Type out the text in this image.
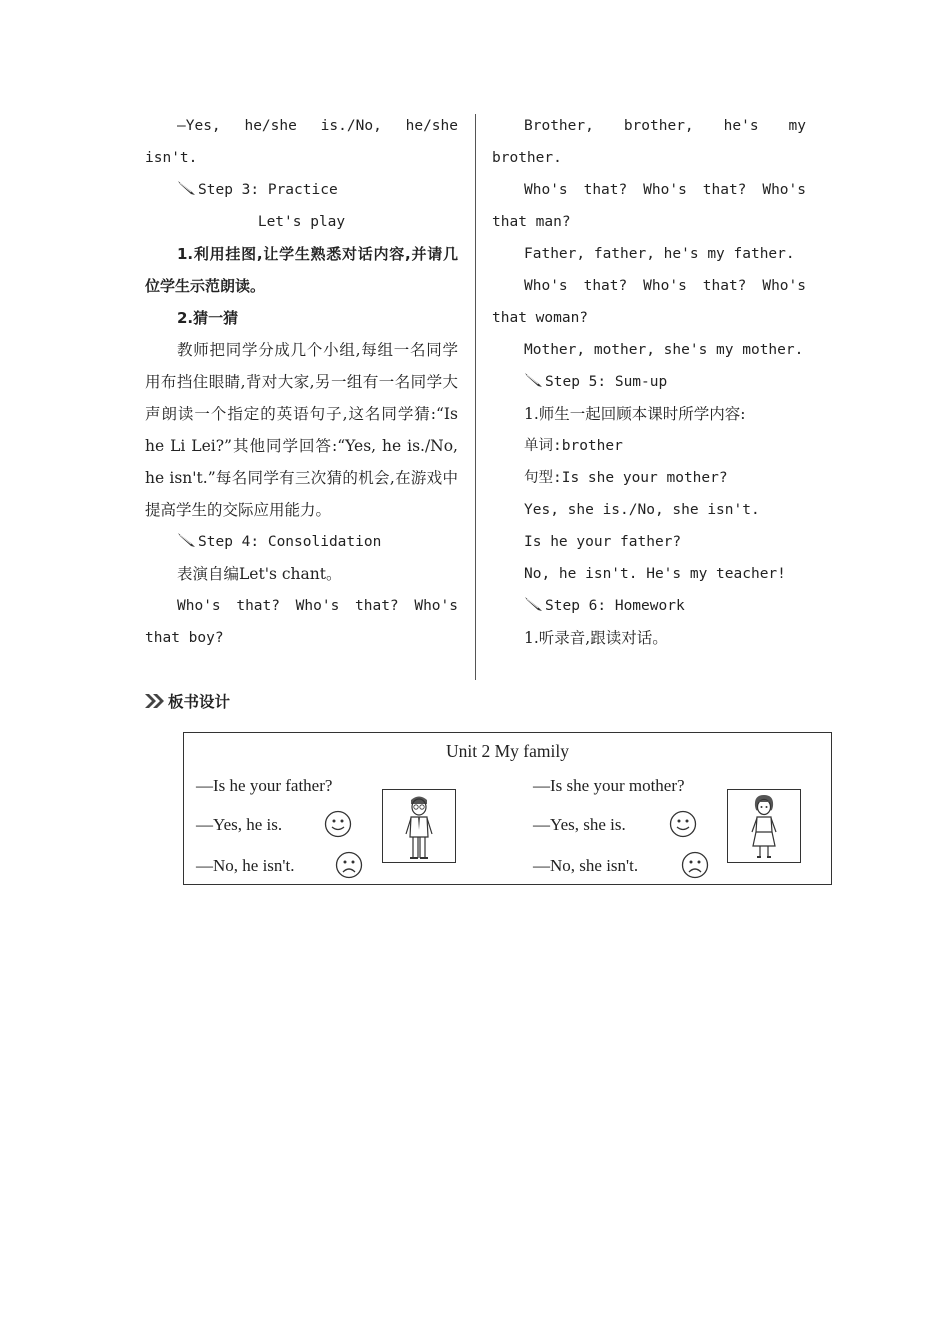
—Yes, he/she is./No, he/she isn't.

Step 3: Practice

Let's play

1.利用挂图,让学生熟悉对话内容,并请几位学生示范朗读。

2.猜一猜

教师把同学分成几个小组,每组一名同学用布挡住眼睛,背对大家,另一组有一名同学大声朗读一个指定的英语句子,这名同学猜:“Is he Li Lei?”其他同学回答:“Yes, he is./No, he isn't.”每名同学有三次猜的机会,在游戏中提高学生的交际应用能力。

Step 4: Consolidation

表演自编Let's chant。

Who's that? Who's that? Who's that boy?

Brother, brother, he's my brother.

Who's that? Who's that? Who's that man?

Father, father, he's my father.

Who's that? Who's that? Who's that woman?

Mother, mother, she's my mother.

Step 5: Sum-up

1.师生一起回顾本课时所学内容:

单词:brother

句型:Is she your mother?

Yes, she is./No, she isn't.

Is he your father?

No, he isn't. He's my teacher!

Step 6: Homework

1.听录音,跟读对话。

板书设计
Unit 2 My family
—Is he your father?
—Yes, he is.
—No, he isn't.
—Is she your mother?
—Yes, she is.
—No, she isn't.
